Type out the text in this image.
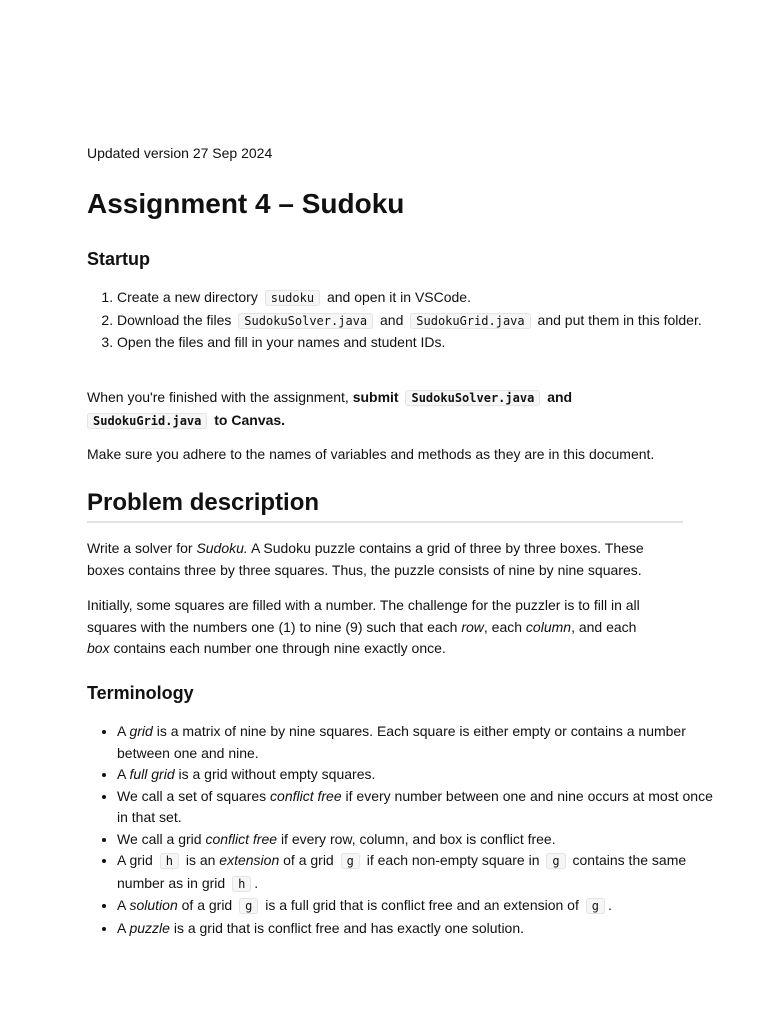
Updated version 27 Sep 2024
Assignment 4 – Sudoku
Startup
1. Create a new directory sudoku and open it in VSCode.
2. Download the files SudokuSolver.java and SudokuGrid.java and put them in this folder.
3. Open the files and fill in your names and student IDs.

When you're finished with the assignment, submit SudokuSolver.java and
SudokuGrid.java to Canvas.

Make sure you adhere to the names of variables and methods as they are in this document.

Problem description

Write a solver for Sudoku. A Sudoku puzzle contains a grid of three by three boxes. These boxes contains three by three squares. Thus, the puzzle consists of nine by nine squares.

Initially, some squares are filled with a number. The challenge for the puzzler is to fill in all squares with the numbers one (1) to nine (9) such that each row, each column, and each
box contains each number one through nine exactly once.

Terminology
• A grid is a matrix of nine by nine squares. Each square is either empty or contains a number between one and nine.
• A full grid is a grid without empty squares.
• We call a set of squares conflict free if every number between one and nine occurs at most once in that set.
• We call a grid conflict free if every row, column, and box is conflict free.
• A grid h is an extension of a grid g if each non-empty square in g contains the same number as in grid h .
• A solution of a grid g is a full grid that is conflict free and an extension of g .
• A puzzle is a grid that is conflict free and has exactly one solution.
